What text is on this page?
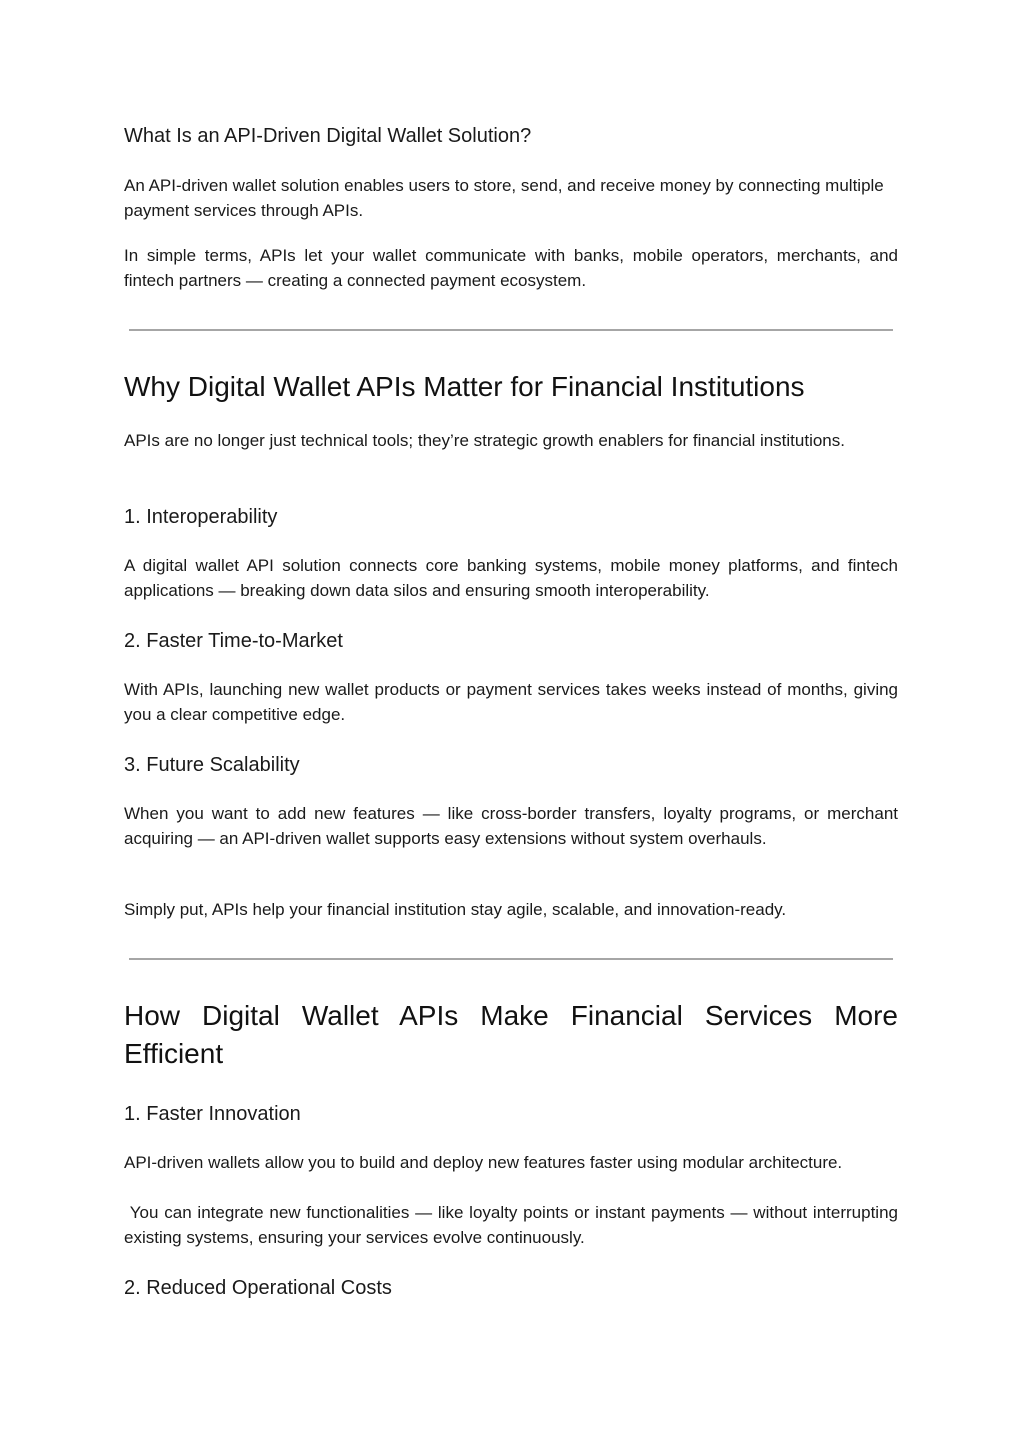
What Is an API-Driven Digital Wallet Solution?

An API-driven wallet solution enables users to store, send, and receive money by connecting multiple payment services through APIs.

In simple terms, APIs let your wallet communicate with banks, mobile operators, merchants, and fintech partners — creating a connected payment ecosystem.

Why Digital Wallet APIs Matter for Financial Institutions

APIs are no longer just technical tools; they’re strategic growth enablers for financial institutions.

1. Interoperability

A digital wallet API solution connects core banking systems, mobile money platforms, and fintech applications — breaking down data silos and ensuring smooth interoperability.

2. Faster Time-to-Market

With APIs, launching new wallet products or payment services takes weeks instead of months, giving you a clear competitive edge.

3. Future Scalability

When you want to add new features — like cross-border transfers, loyalty programs, or merchant acquiring — an API-driven wallet supports easy extensions without system overhauls.

Simply put, APIs help your financial institution stay agile, scalable, and innovation-ready.

How Digital Wallet APIs Make Financial Services More Efficient
1. Faster Innovation

API-driven wallets allow you to build and deploy new features faster using modular architecture.

You can integrate new functionalities — like loyalty points or instant payments — without interrupting existing systems, ensuring your services evolve continuously.

2. Reduced Operational Costs
